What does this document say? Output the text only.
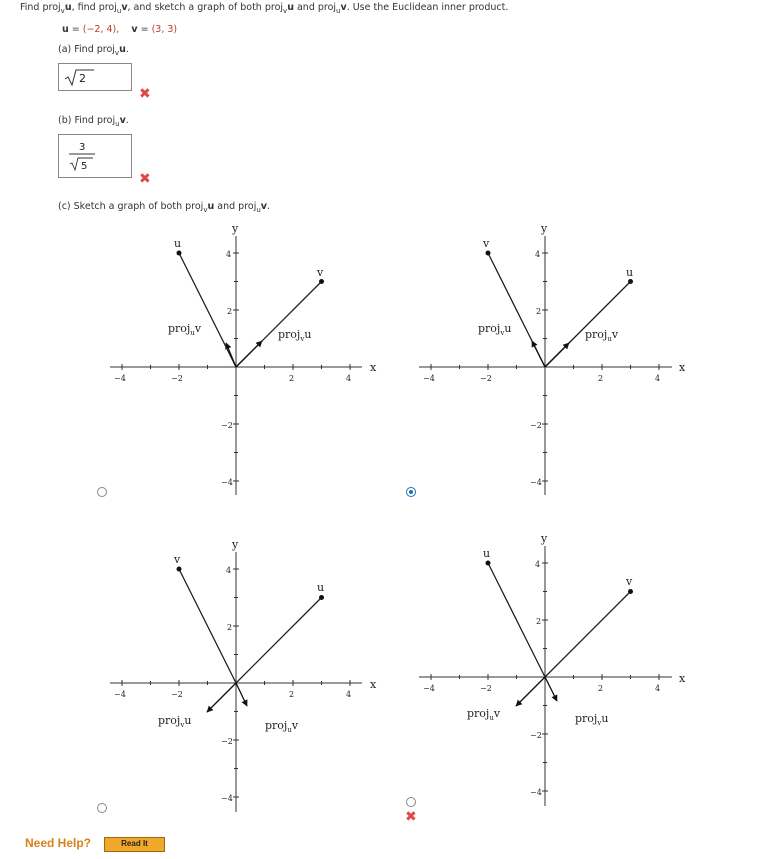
Find proj$_v$u, find proj$_u$v, and sketch a graph of both proj$_v$u and proj$_u$v. Use the Euclidean inner product.
u = (−2, 4), v = (3, 3)
(a) Find proj$_v$u.
2
✖
(b) Find proj$_u$v.
3
5
✖
(c) Sketch a graph of both proj$_v$u and proj$_u$v.
−4	−2	2	4
−2
−4
4
2
x
y
u
v
proj$_u$v	proj$_v$u
−4	−2	2	4
−2
−4
4
2
x
y
v
u
proj$_v$u	proj$_u$v
−4	−2	2	4
−2
−4
4
2
x
y
v
u
proj$_v$u	proj$_u$v
−4	−2	2	4
−2
−4
4
2
x
y
u
v
proj$_u$v	proj$_v$u
✖
Need Help?	Read It
